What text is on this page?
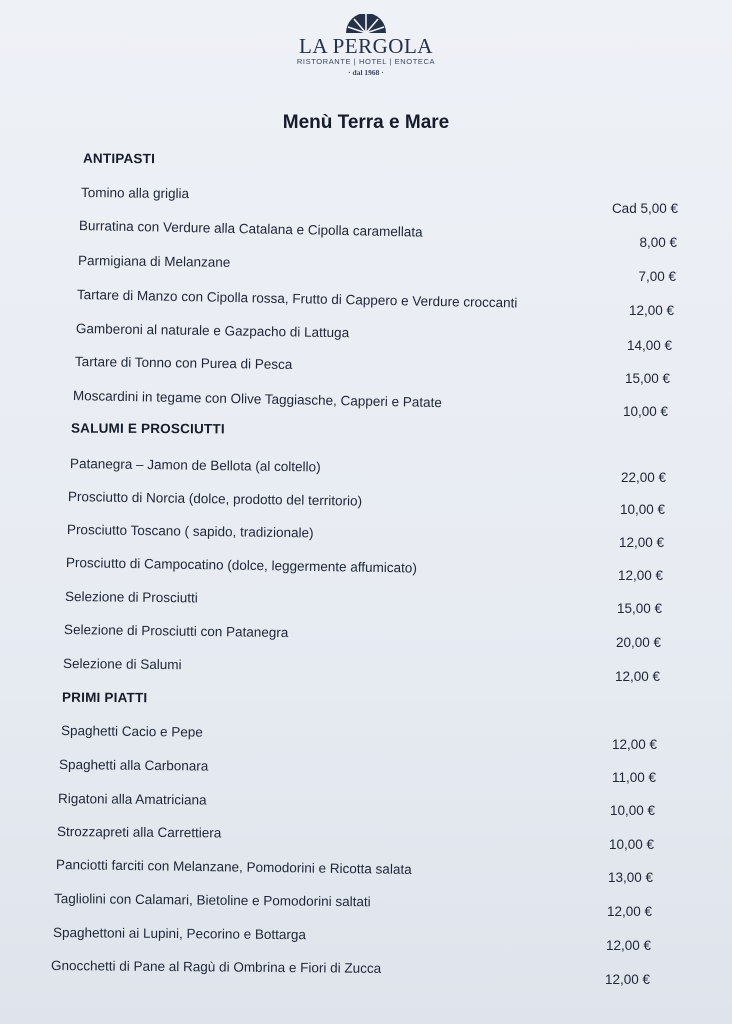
LA PERGOLA
RISTORANTE | HOTEL | ENOTECA
· dal 1968 ·
Menù Terra e Mare
ANTIPASTI
Tomino alla griglia
Cad 5,00 €
Burratina con Verdure alla Catalana e Cipolla caramellata
8,00 €
Parmigiana di Melanzane
7,00 €
Tartare di Manzo con Cipolla rossa, Frutto di Cappero e Verdure croccanti
12,00 €
Gamberoni al naturale e Gazpacho di Lattuga
14,00 €
Tartare di Tonno con Purea di Pesca
15,00 €
Moscardini in tegame con Olive Taggiasche, Capperi e Patate
10,00 €
SALUMI E PROSCIUTTI
Patanegra – Jamon de Bellota (al coltello)
22,00 €
Prosciutto di Norcia (dolce, prodotto del territorio)
10,00 €
Prosciutto Toscano ( sapido, tradizionale)
12,00 €
Prosciutto di Campocatino (dolce, leggermente affumicato)	12,00 €
Selezione di Prosciutti
15,00 €
Selezione di Prosciutti con Patanegra
20,00 €
Selezione di Salumi
12,00 €
PRIMI PIATTI
Spaghetti Cacio e Pepe
12,00 €
Spaghetti alla Carbonara
11,00 €
Rigatoni alla Amatriciana
10,00 €
Strozzapreti alla Carrettiera
10,00 €
Panciotti farciti con Melanzane, Pomodorini e Ricotta salata
13,00 €
Tagliolini con Calamari, Bietoline e Pomodorini saltati
12,00 €
Spaghettoni ai Lupini, Pecorino e Bottarga
12,00 €
Gnocchetti di Pane al Ragù di Ombrina e Fiori di Zucca
12,00 €
